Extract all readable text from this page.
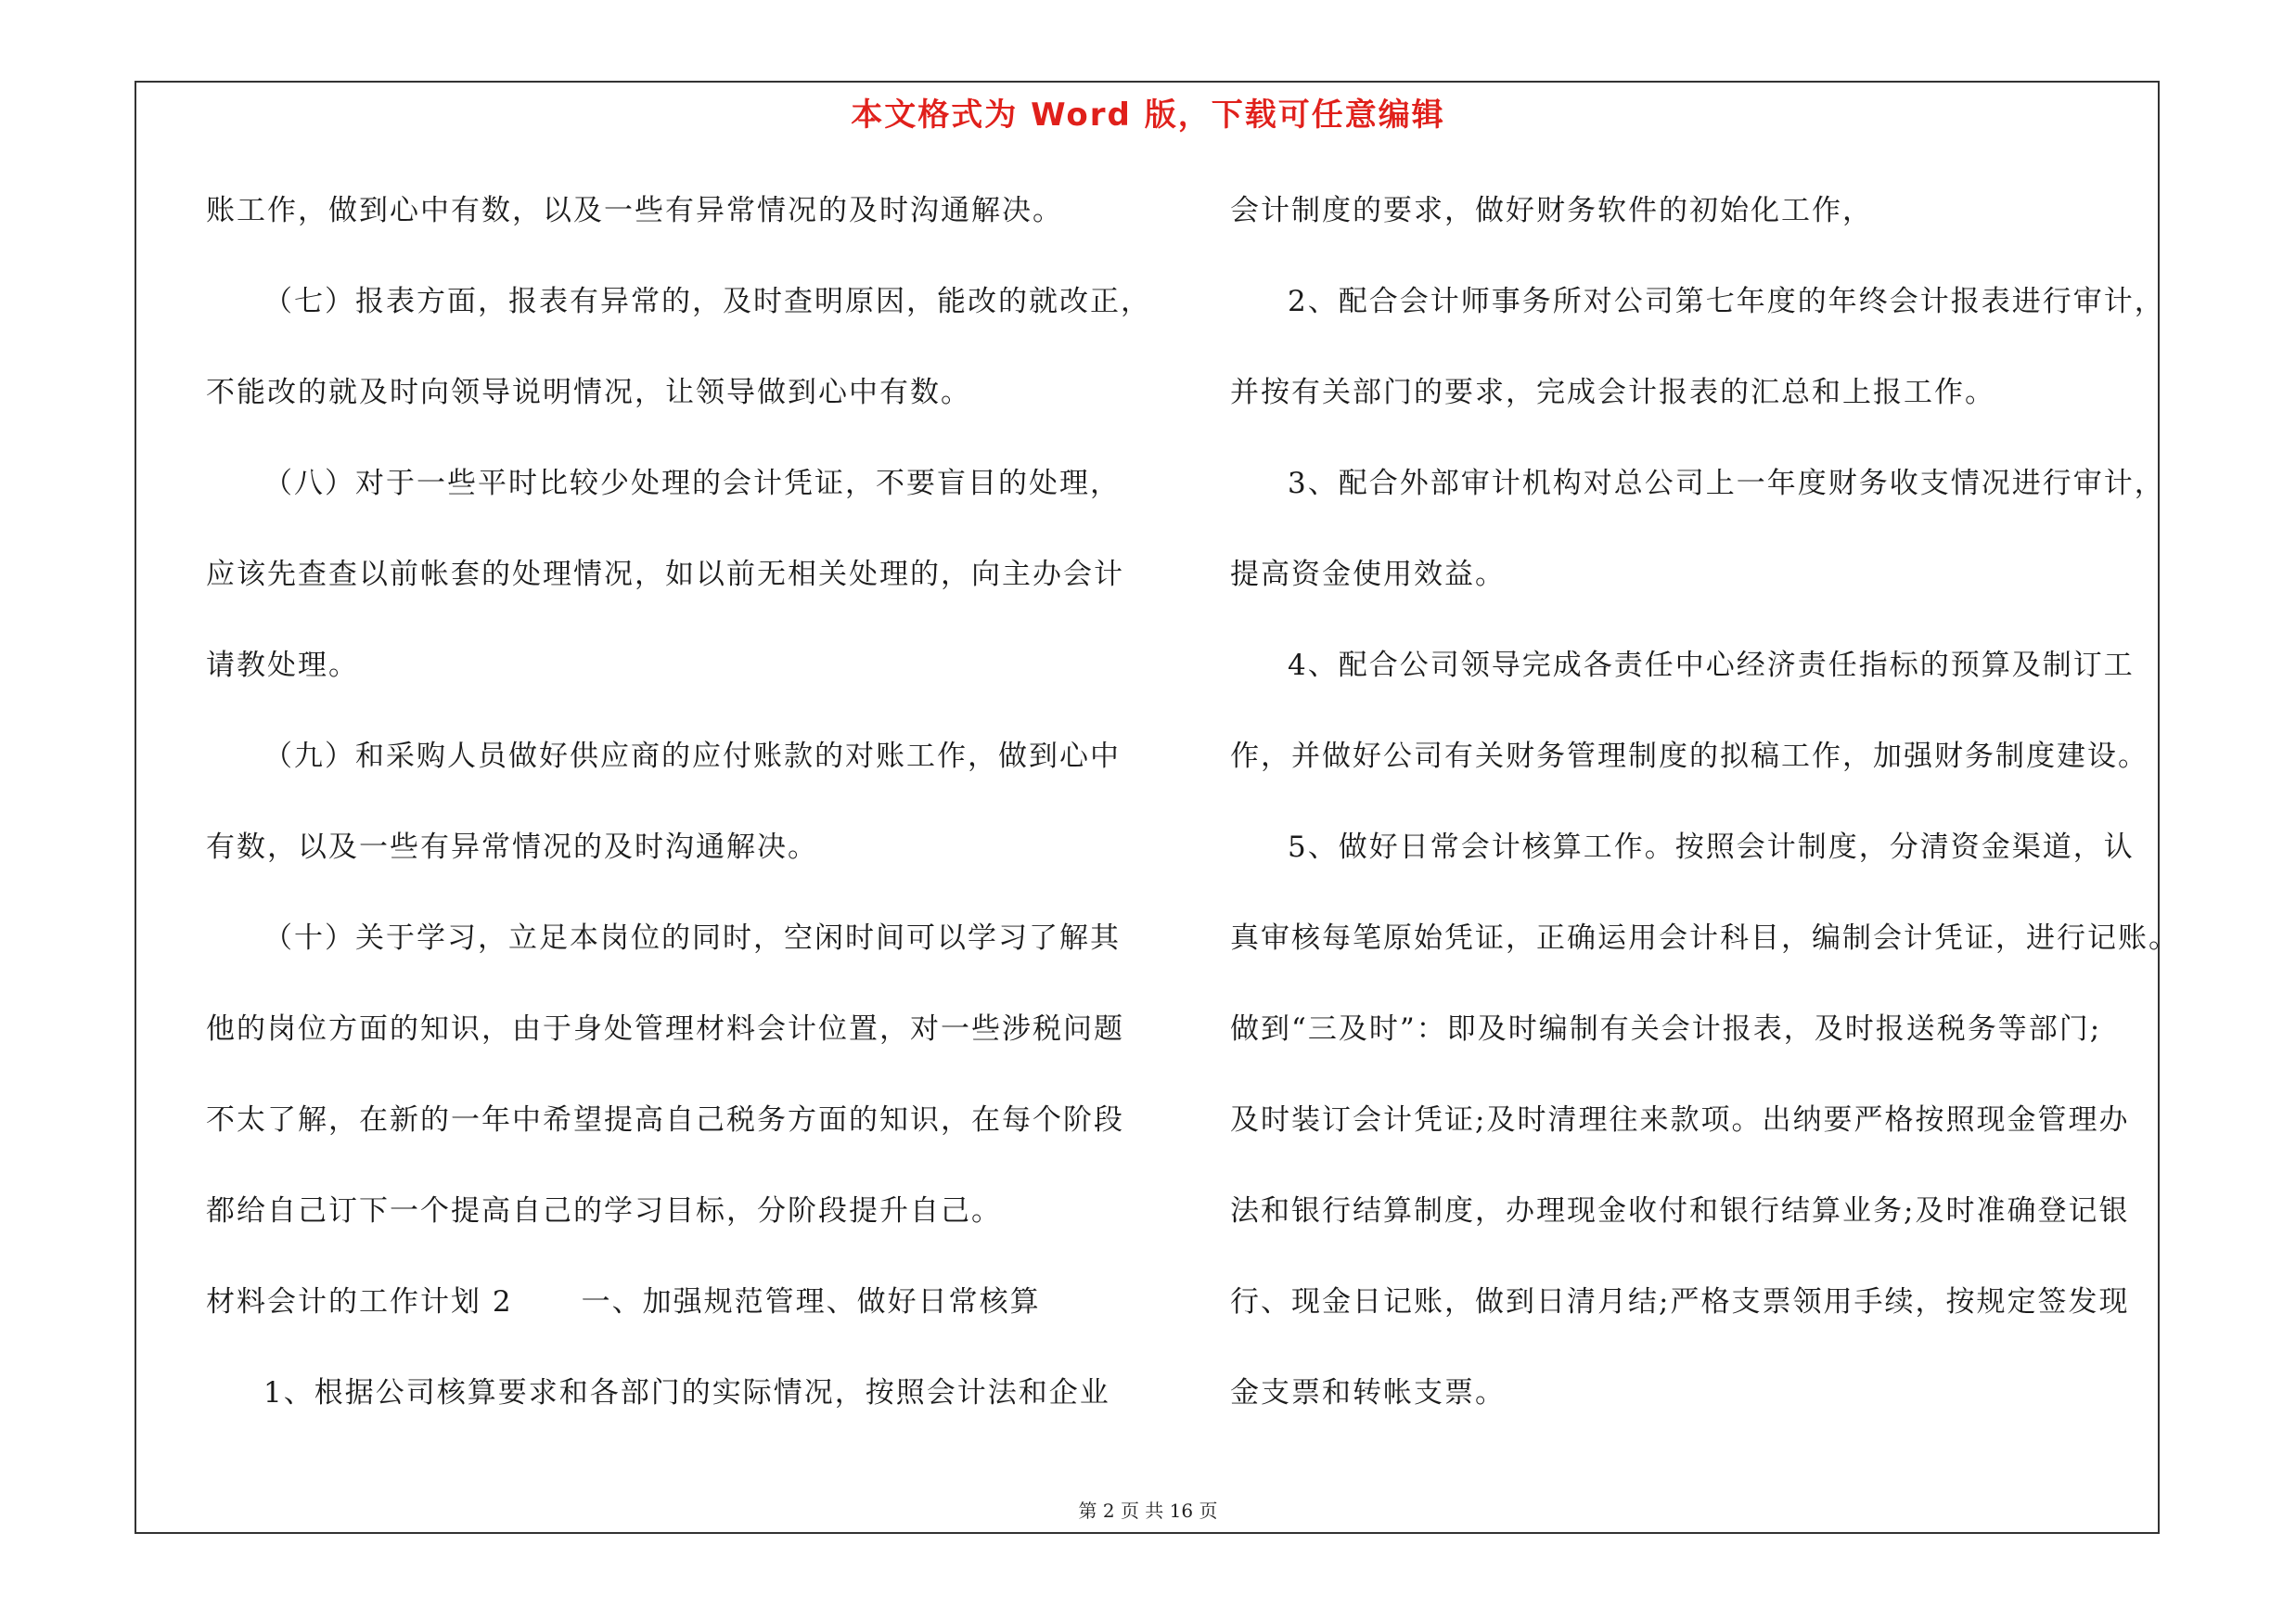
本文格式为 Word 版，下载可任意编辑
账工作，做到心中有数，以及一些有异常情况的及时沟通解决。
（七）报表方面，报表有异常的，及时查明原因，能改的就改正，
不能改的就及时向领导说明情况，让领导做到心中有数。
（八）对于一些平时比较少处理的会计凭证，不要盲目的处理，
应该先查查以前帐套的处理情况，如以前无相关处理的，向主办会计
请教处理。
（九）和采购人员做好供应商的应付账款的对账工作，做到心中
有数，以及一些有异常情况的及时沟通解决。
（十）关于学习，立足本岗位的同时，空闲时间可以学习了解其
他的岗位方面的知识，由于身处管理材料会计位置，对一些涉税问题
不太了解，在新的一年中希望提高自己税务方面的知识，在每个阶段
都给自己订下一个提高自己的学习目标，分阶段提升自己。
材料会计的工作计划 2 一、加强规范管理、做好日常核算
1、根据公司核算要求和各部门的实际情况，按照会计法和企业
会计制度的要求，做好财务软件的初始化工作，
2、配合会计师事务所对公司第七年度的年终会计报表进行审计，
并按有关部门的要求，完成会计报表的汇总和上报工作。
3、配合外部审计机构对总公司上一年度财务收支情况进行审计，
提高资金使用效益。
4、配合公司领导完成各责任中心经济责任指标的预算及制订工
作，并做好公司有关财务管理制度的拟稿工作，加强财务制度建设。
5、做好日常会计核算工作。按照会计制度，分清资金渠道，认
真审核每笔原始凭证，正确运用会计科目，编制会计凭证，进行记账。
做到“三及时”：即及时编制有关会计报表，及时报送税务等部门;
及时装订会计凭证;及时清理往来款项。出纳要严格按照现金管理办
法和银行结算制度，办理现金收付和银行结算业务;及时准确登记银
行、现金日记账，做到日清月结;严格支票领用手续，按规定签发现
金支票和转帐支票。
第 2 页 共 16 页
